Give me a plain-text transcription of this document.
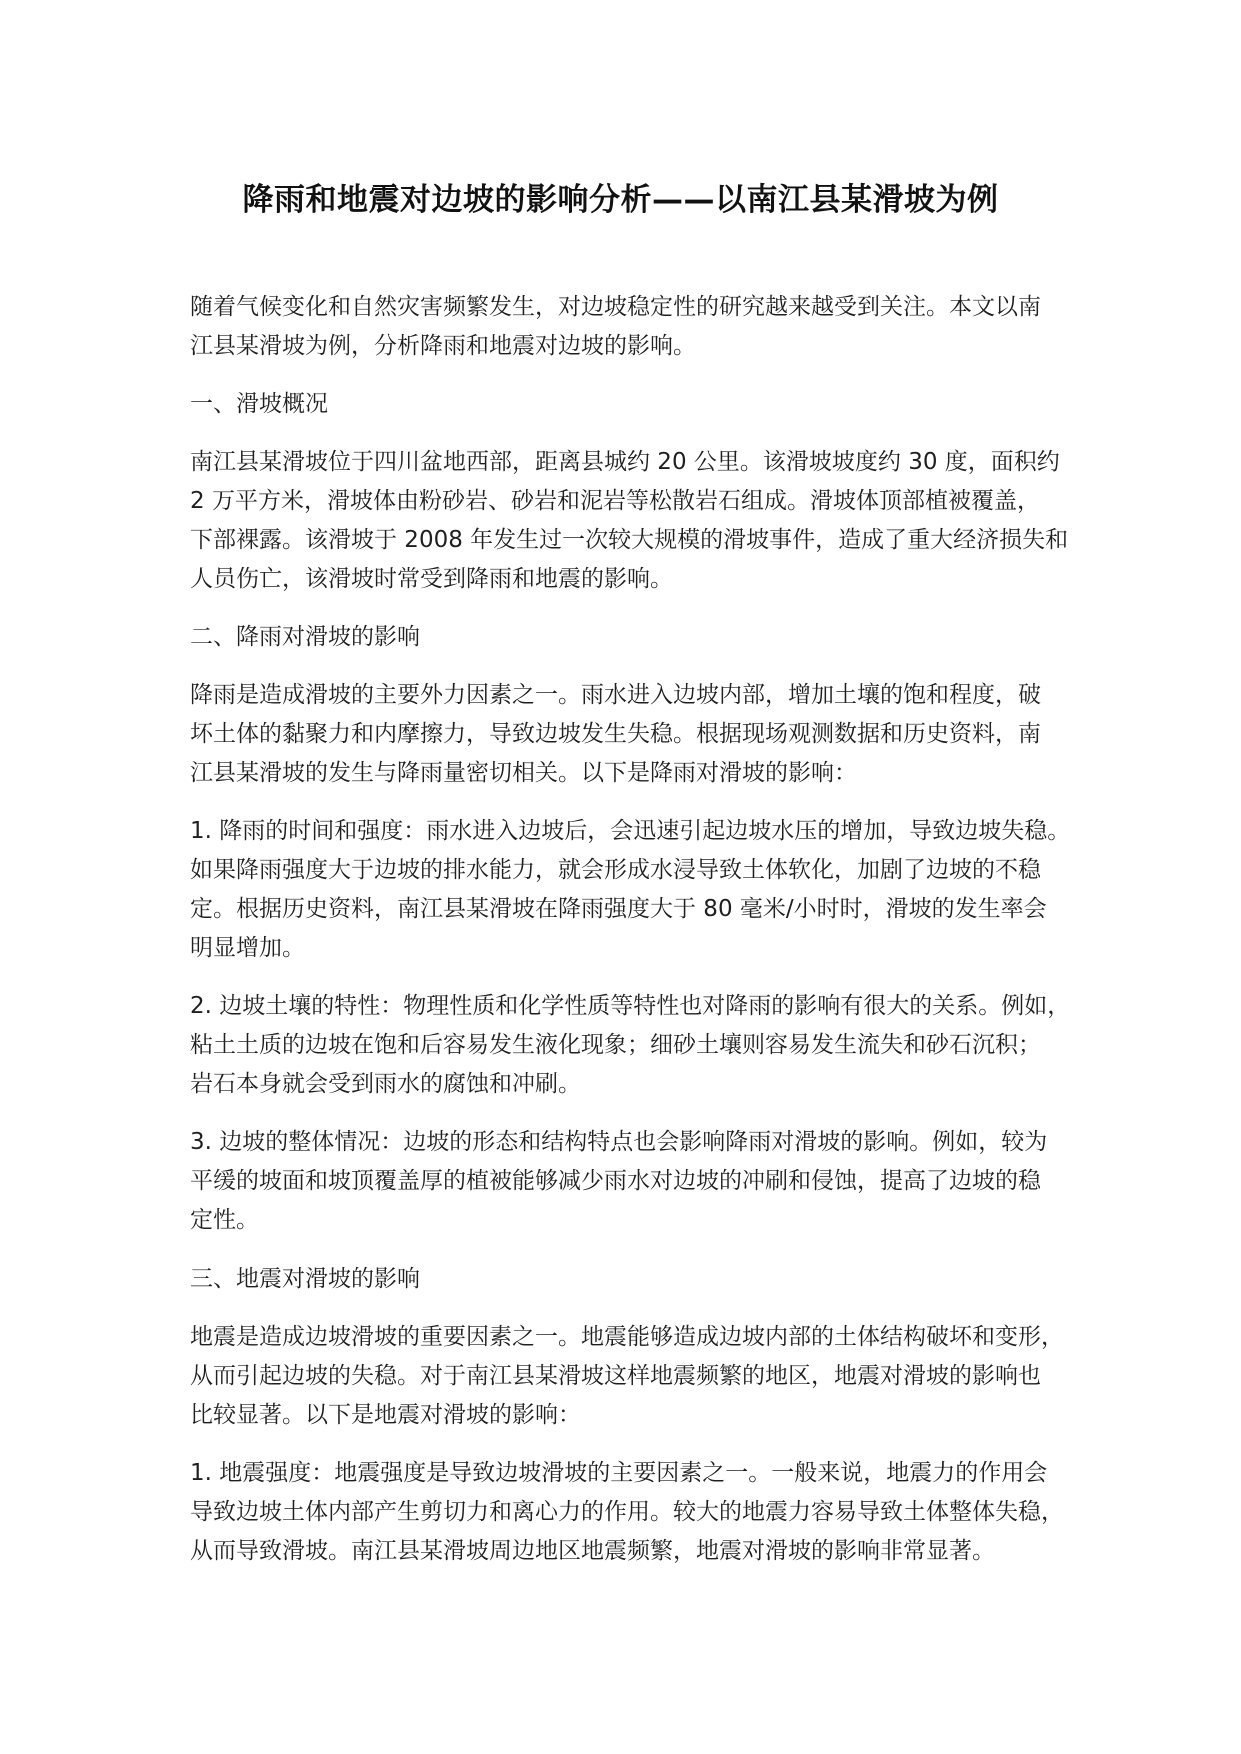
降雨和地震对边坡的影响分析——以南江县某滑坡为例
随着气候变化和自然灾害频繁发生，对边坡稳定性的研究越来越受到关注。本文以南
江县某滑坡为例，分析降雨和地震对边坡的影响。
一、滑坡概况
南江县某滑坡位于四川盆地西部，距离县城约 20 公里。该滑坡坡度约 30 度，面积约
2 万平方米，滑坡体由粉砂岩、砂岩和泥岩等松散岩石组成。滑坡体顶部植被覆盖，
下部裸露。该滑坡于 2008 年发生过一次较大规模的滑坡事件，造成了重大经济损失和
人员伤亡，该滑坡时常受到降雨和地震的影响。
二、降雨对滑坡的影响
降雨是造成滑坡的主要外力因素之一。雨水进入边坡内部，增加土壤的饱和程度，破
坏土体的黏聚力和内摩擦力，导致边坡发生失稳。根据现场观测数据和历史资料，南
江县某滑坡的发生与降雨量密切相关。以下是降雨对滑坡的影响：
1. 降雨的时间和强度：雨水进入边坡后，会迅速引起边坡水压的增加，导致边坡失稳。
如果降雨强度大于边坡的排水能力，就会形成水浸导致土体软化，加剧了边坡的不稳
定。根据历史资料，南江县某滑坡在降雨强度大于 80 毫米/小时时，滑坡的发生率会
明显增加。
2. 边坡土壤的特性：物理性质和化学性质等特性也对降雨的影响有很大的关系。例如，
粘土土质的边坡在饱和后容易发生液化现象；细砂土壤则容易发生流失和砂石沉积；
岩石本身就会受到雨水的腐蚀和冲刷。
3. 边坡的整体情况：边坡的形态和结构特点也会影响降雨对滑坡的影响。例如，较为
平缓的坡面和坡顶覆盖厚的植被能够减少雨水对边坡的冲刷和侵蚀，提高了边坡的稳
定性。
三、地震对滑坡的影响
地震是造成边坡滑坡的重要因素之一。地震能够造成边坡内部的土体结构破坏和变形，
从而引起边坡的失稳。对于南江县某滑坡这样地震频繁的地区，地震对滑坡的影响也
比较显著。以下是地震对滑坡的影响：
1. 地震强度：地震强度是导致边坡滑坡的主要因素之一。一般来说，地震力的作用会
导致边坡土体内部产生剪切力和离心力的作用。较大的地震力容易导致土体整体失稳，
从而导致滑坡。南江县某滑坡周边地区地震频繁，地震对滑坡的影响非常显著。
